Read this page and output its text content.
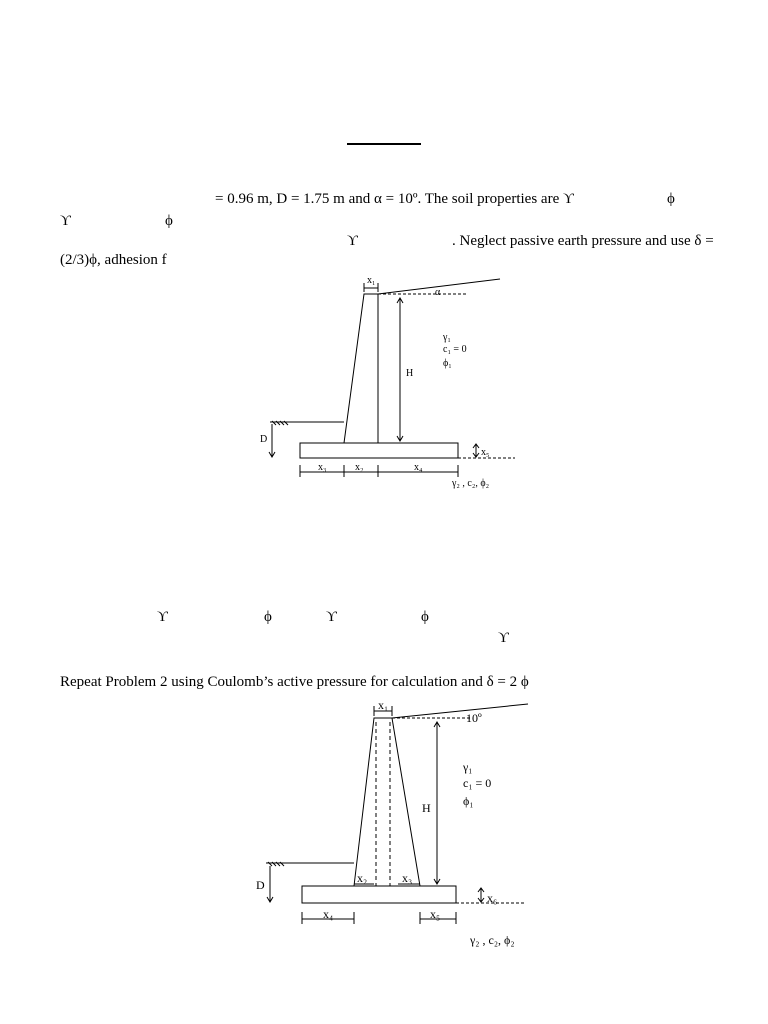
= 0.96 m, D = 1.75 m and α = 10º. The soil properties are ϒ	ϕ
ϒ	ϕ
ϒ	. Neglect passive earth pressure and use δ =
(2/3)ϕ, adhesion f
ϒ	ϕ	ϒ	ϕ
ϒ
Repeat Problem 2 using Coulomb’s active pressure for calculation and δ = 2 ϕ
x₁
α
γ₁
c₁ = 0
ϕ₁
H
D
x₅
x₃	x₂	x₄
γ₂ , c₂, ϕ₂
x₁
10º
γ₁
c₁ = 0
ϕ₁
H
D	x₂	x₃
x₆
x₄	x₅
γ₂ , c₂, ϕ₂
